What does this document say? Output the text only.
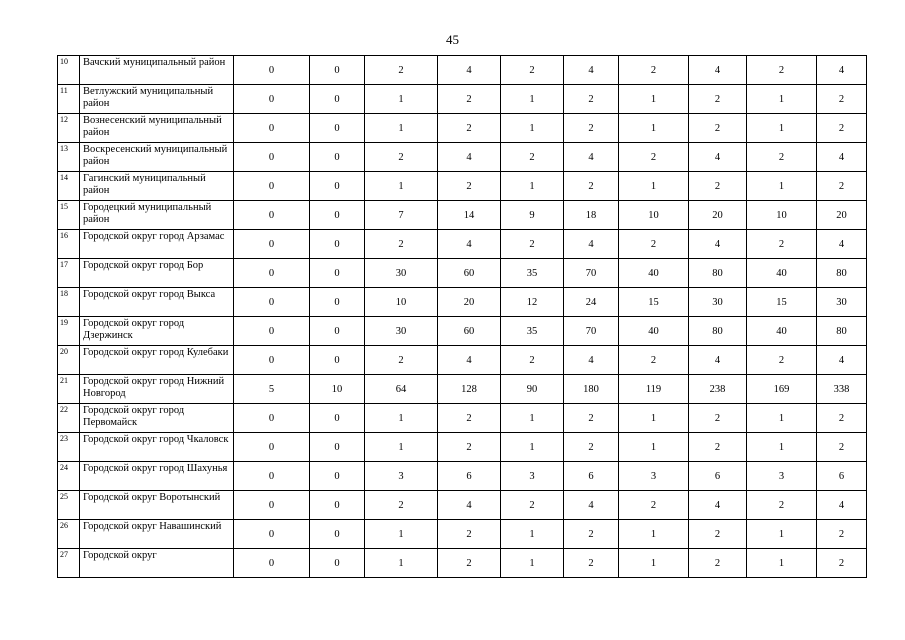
45
10	Вачский муниципальный район	0	0	2	4	2	4	2	4	2	4
11	Ветлужский муниципальный район	0	0	1	2	1	2	1	2	1	2
12	Вознесенский муниципальный район	0	0	1	2	1	2	1	2	1	2
13	Воскресенский муниципальный район	0	0	2	4	2	4	2	4	2	4
14	Гагинский муниципальный район	0	0	1	2	1	2	1	2	1	2
15	Городецкий муниципальный район	0	0	7	14	9	18	10	20	10	20
16	Городской округ город Арзамас	0	0	2	4	2	4	2	4	2	4
17	Городской округ город Бор	0	0	30	60	35	70	40	80	40	80
18	Городской округ город Выкса	0	0	10	20	12	24	15	30	15	30
19	Городской округ город Дзержинск	0	0	30	60	35	70	40	80	40	80
20	Городской округ город Кулебаки	0	0	2	4	2	4	2	4	2	4
21	Городской округ город Нижний Новгород	5	10	64	128	90	180	119	238	169	338
22	Городской округ город Первомайск	0	0	1	2	1	2	1	2	1	2
23	Городской округ город Чкаловск	0	0	1	2	1	2	1	2	1	2
24	Городской округ город Шахунья	0	0	3	6	3	6	3	6	3	6
25	Городской округ Воротынский	0	0	2	4	2	4	2	4	2	4
26	Городской округ Навашинский	0	0	1	2	1	2	1	2	1	2
27	Городской округ	0	0	1	2	1	2	1	2	1	2
